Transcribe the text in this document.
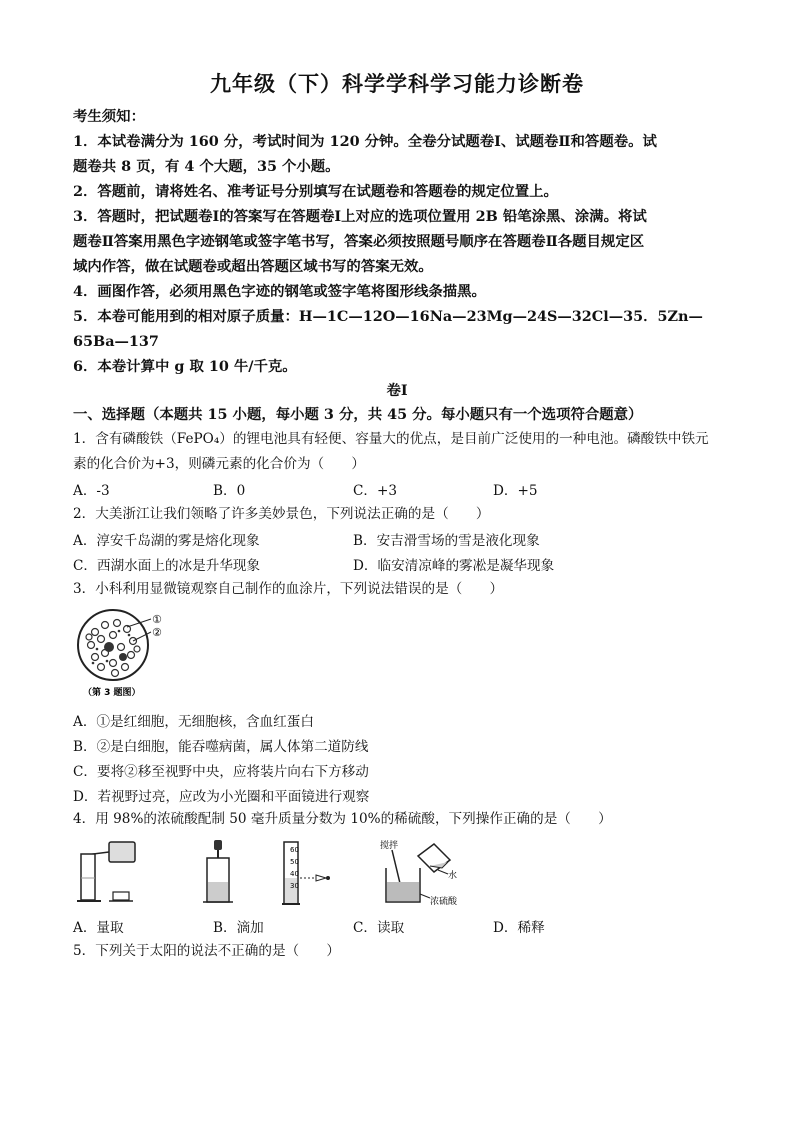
九年级（下）科学学科学习能力诊断卷
考生须知：
1．本试卷满分为 160 分，考试时间为 120 分钟。全卷分试题卷Ⅰ、试题卷Ⅱ和答题卷。试
题卷共 8 页，有 4 个大题，35 个小题。
2．答题前，请将姓名、准考证号分别填写在试题卷和答题卷的规定位置上。
3．答题时，把试题卷Ⅰ的答案写在答题卷Ⅰ上对应的选项位置用 2B 铅笔涂黑、涂满。将试
题卷Ⅱ答案用黑色字迹钢笔或签字笔书写，答案必须按照题号顺序在答题卷Ⅱ各题目规定区
域内作答，做在试题卷或超出答题区域书写的答案无效。
4．画图作答，必须用黑色字迹的钢笔或签字笔将图形线条描黑。
5．本卷可能用到的相对原子质量：H—1C—12O—16Na—23Mg—24S—32Cl—35．5Zn—
65Ba—137
6．本卷计算中 g 取 10 牛/千克。
卷Ⅰ
一、选择题（本题共 15 小题，每小题 3 分，共 45 分。每小题只有一个选项符合题意）
1．含有磷酸铁（FePO₄）的锂电池具有轻便、容量大的优点，是目前广泛使用的一种电池。磷酸铁中铁元
素的化合价为+3，则磷元素的化合价为（　　）
A．-3	B．0	C．+3	D．+5
2．大美浙江让我们领略了许多美妙景色，下列说法正确的是（　　）
A．淳安千岛湖的雾是熔化现象	B．安吉滑雪场的雪是液化现象
C．西湖水面上的冰是升华现象	D．临安清凉峰的雾凇是凝华现象
3．小科利用显微镜观察自己制作的血涂片，下列说法错误的是（　　）
①
②
（第 3 题图）
A．①是红细胞，无细胞核，含血红蛋白
B．②是白细胞，能吞噬病菌，属人体第二道防线
C．要将②移至视野中央，应将装片向右下方移动
D．若视野过亮，应改为小光圈和平面镜进行观察
4．用 98%的浓硫酸配制 50 毫升质量分数为 10%的稀硫酸，下列操作正确的是（　　）
60
50
40
30
搅拌
水
浓硫酸
A．量取	B．滴加	C．读取	D．稀释
5．下列关于太阳的说法不正确的是（　　）
